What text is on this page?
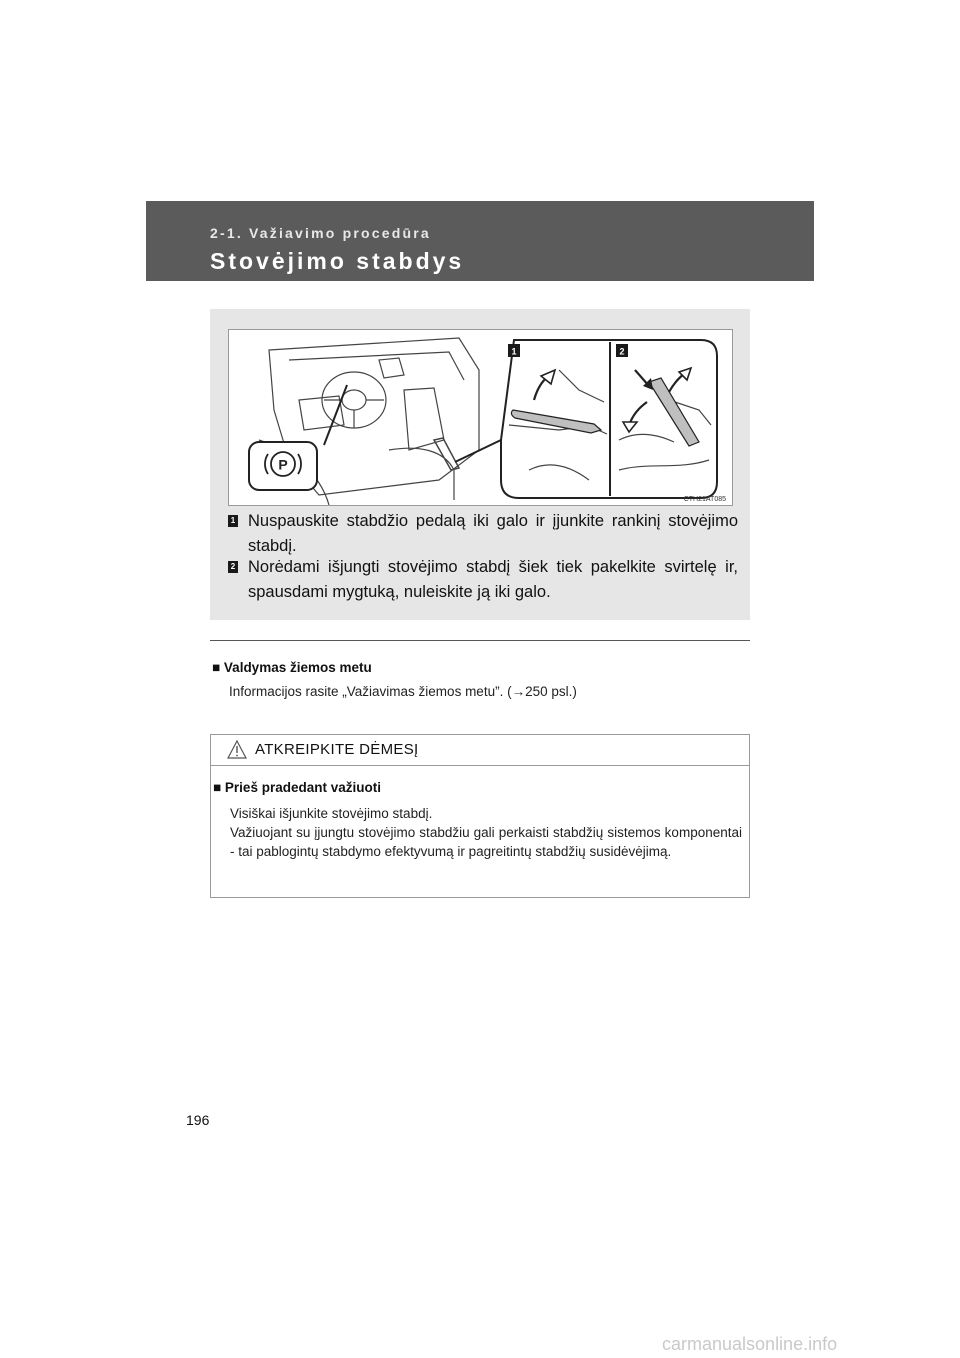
2-1. Važiavimo procedūra
Stovėjimo stabdys
P
1	2
CTH21AT085
1 Nuspauskite stabdžio pedalą iki galo ir įjunkite rankinį stovėjimo stabdį.
2 Norėdami išjungti stovėjimo stabdį šiek tiek pakelkite svirtelę ir, spausdami mygtuką, nuleiskite ją iki galo.
■ Valdymas žiemos metu
Informacijos rasite „Važiavimas žiemos metu”. (→250 psl.)
ATKREIPKITE DĖMESĮ
■ Prieš pradedant važiuoti
Visiškai išjunkite stovėjimo stabdį.
Važiuojant su įjungtu stovėjimo stabdžiu gali perkaisti stabdžių sistemos komponentai - tai pablogintų stabdymo efektyvumą ir pagreitintų stabdžių susidėvėjimą.
196
carmanualsonline.info
